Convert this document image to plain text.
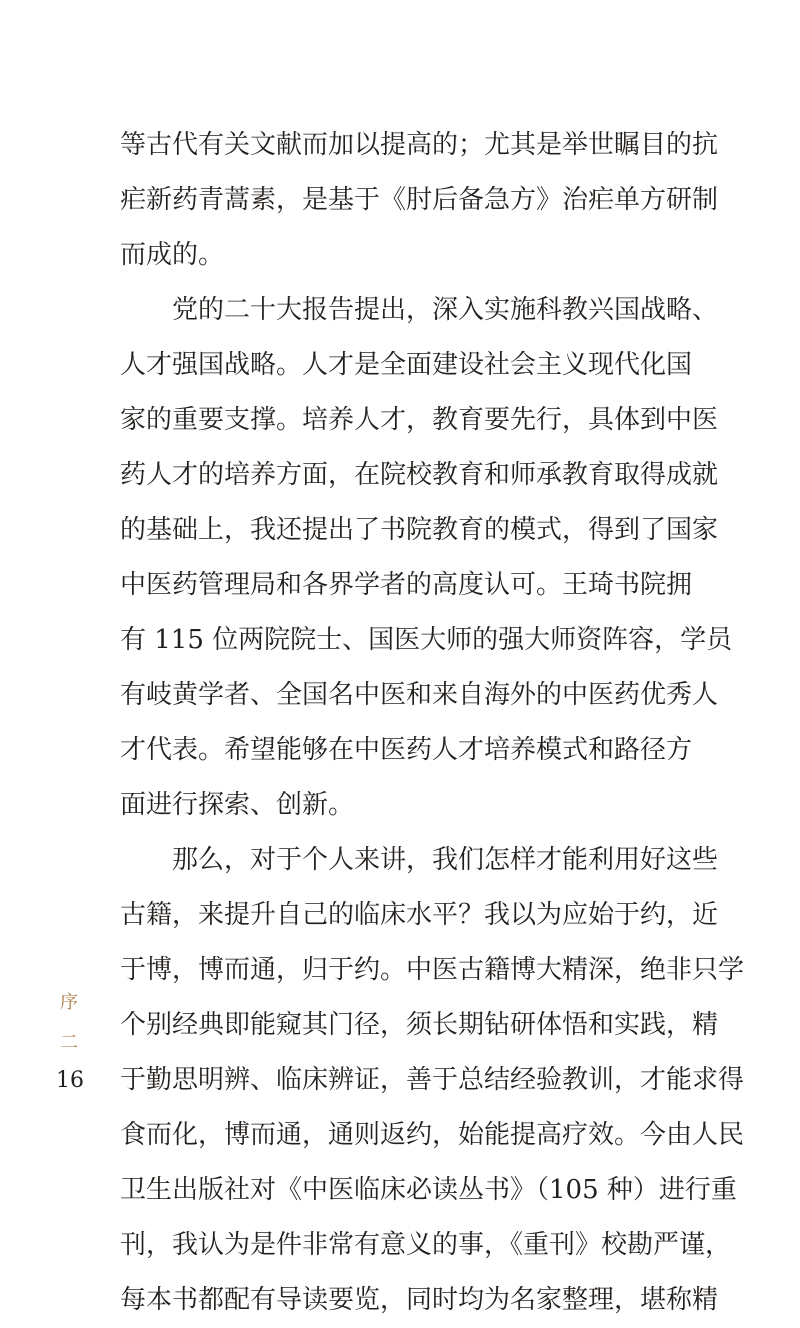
等古代有关文献而加以提高的；尤其是举世瞩目的抗
疟新药青蒿素，是基于《肘后备急方》治疟单方研制
而成的。
党的二十大报告提出，深入实施科教兴国战略、
人才强国战略。人才是全面建设社会主义现代化国
家的重要支撑。培养人才，教育要先行，具体到中医
药人才的培养方面，在院校教育和师承教育取得成就
的基础上，我还提出了书院教育的模式，得到了国家
中医药管理局和各界学者的高度认可。王琦书院拥
有 115 位两院院士、国医大师的强大师资阵容，学员
有岐黄学者、全国名中医和来自海外的中医药优秀人
才代表。希望能够在中医药人才培养模式和路径方
面进行探索、创新。
那么，对于个人来讲，我们怎样才能利用好这些
古籍，来提升自己的临床水平？我以为应始于约，近
于博，博而通，归于约。中医古籍博大精深，绝非只学
个别经典即能窥其门径，须长期钻研体悟和实践，精
于勤思明辨、临床辨证，善于总结经验教训，才能求得
食而化，博而通，通则返约，始能提高疗效。今由人民
卫生出版社对《中医临床必读丛书》（105 种）进行重
刊，我认为是件非常有意义的事，《重刊》校勘严谨，
每本书都配有导读要览，同时均为名家整理，堪称精
序
二
16
